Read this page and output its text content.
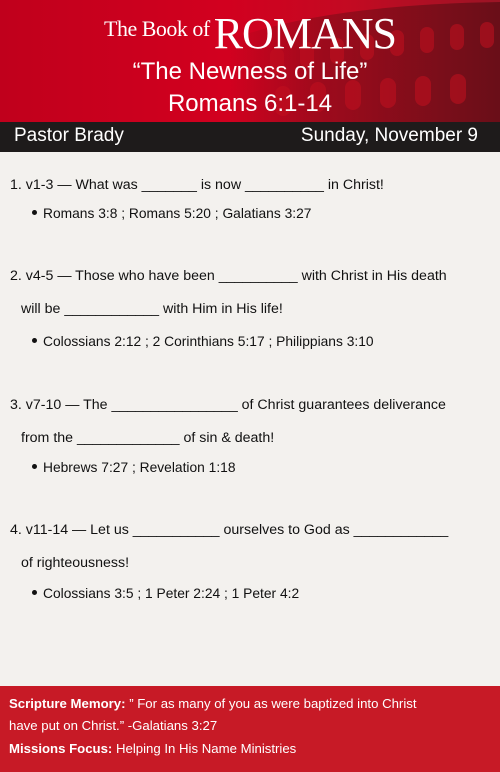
The Book of ROMANS
“The Newness of Life”
Romans 6:1-14
Pastor Brady	Sunday, November 9
1. v1-3 — What was _______ is now __________ in Christ!
Romans 3:8 ; Romans 5:20 ; Galatians 3:27
2. v4-5 — Those who have been __________ with Christ in His death
will be ____________ with Him in His life!
Colossians 2:12 ; 2 Corinthians 5:17 ; Philippians 3:10
3. v7-10 — The ________________ of Christ guarantees deliverance
from the _____________ of sin & death!
Hebrews 7:27 ; Revelation 1:18
4. v11-14 — Let us ___________ ourselves to God as ____________
of righteousness!
Colossians 3:5 ; 1 Peter 2:24 ; 1 Peter 4:2
Scripture Memory: ” For as many of you as were baptized into Christ
have put on Christ.” -Galatians 3:27
Missions Focus: Helping In His Name Ministries
